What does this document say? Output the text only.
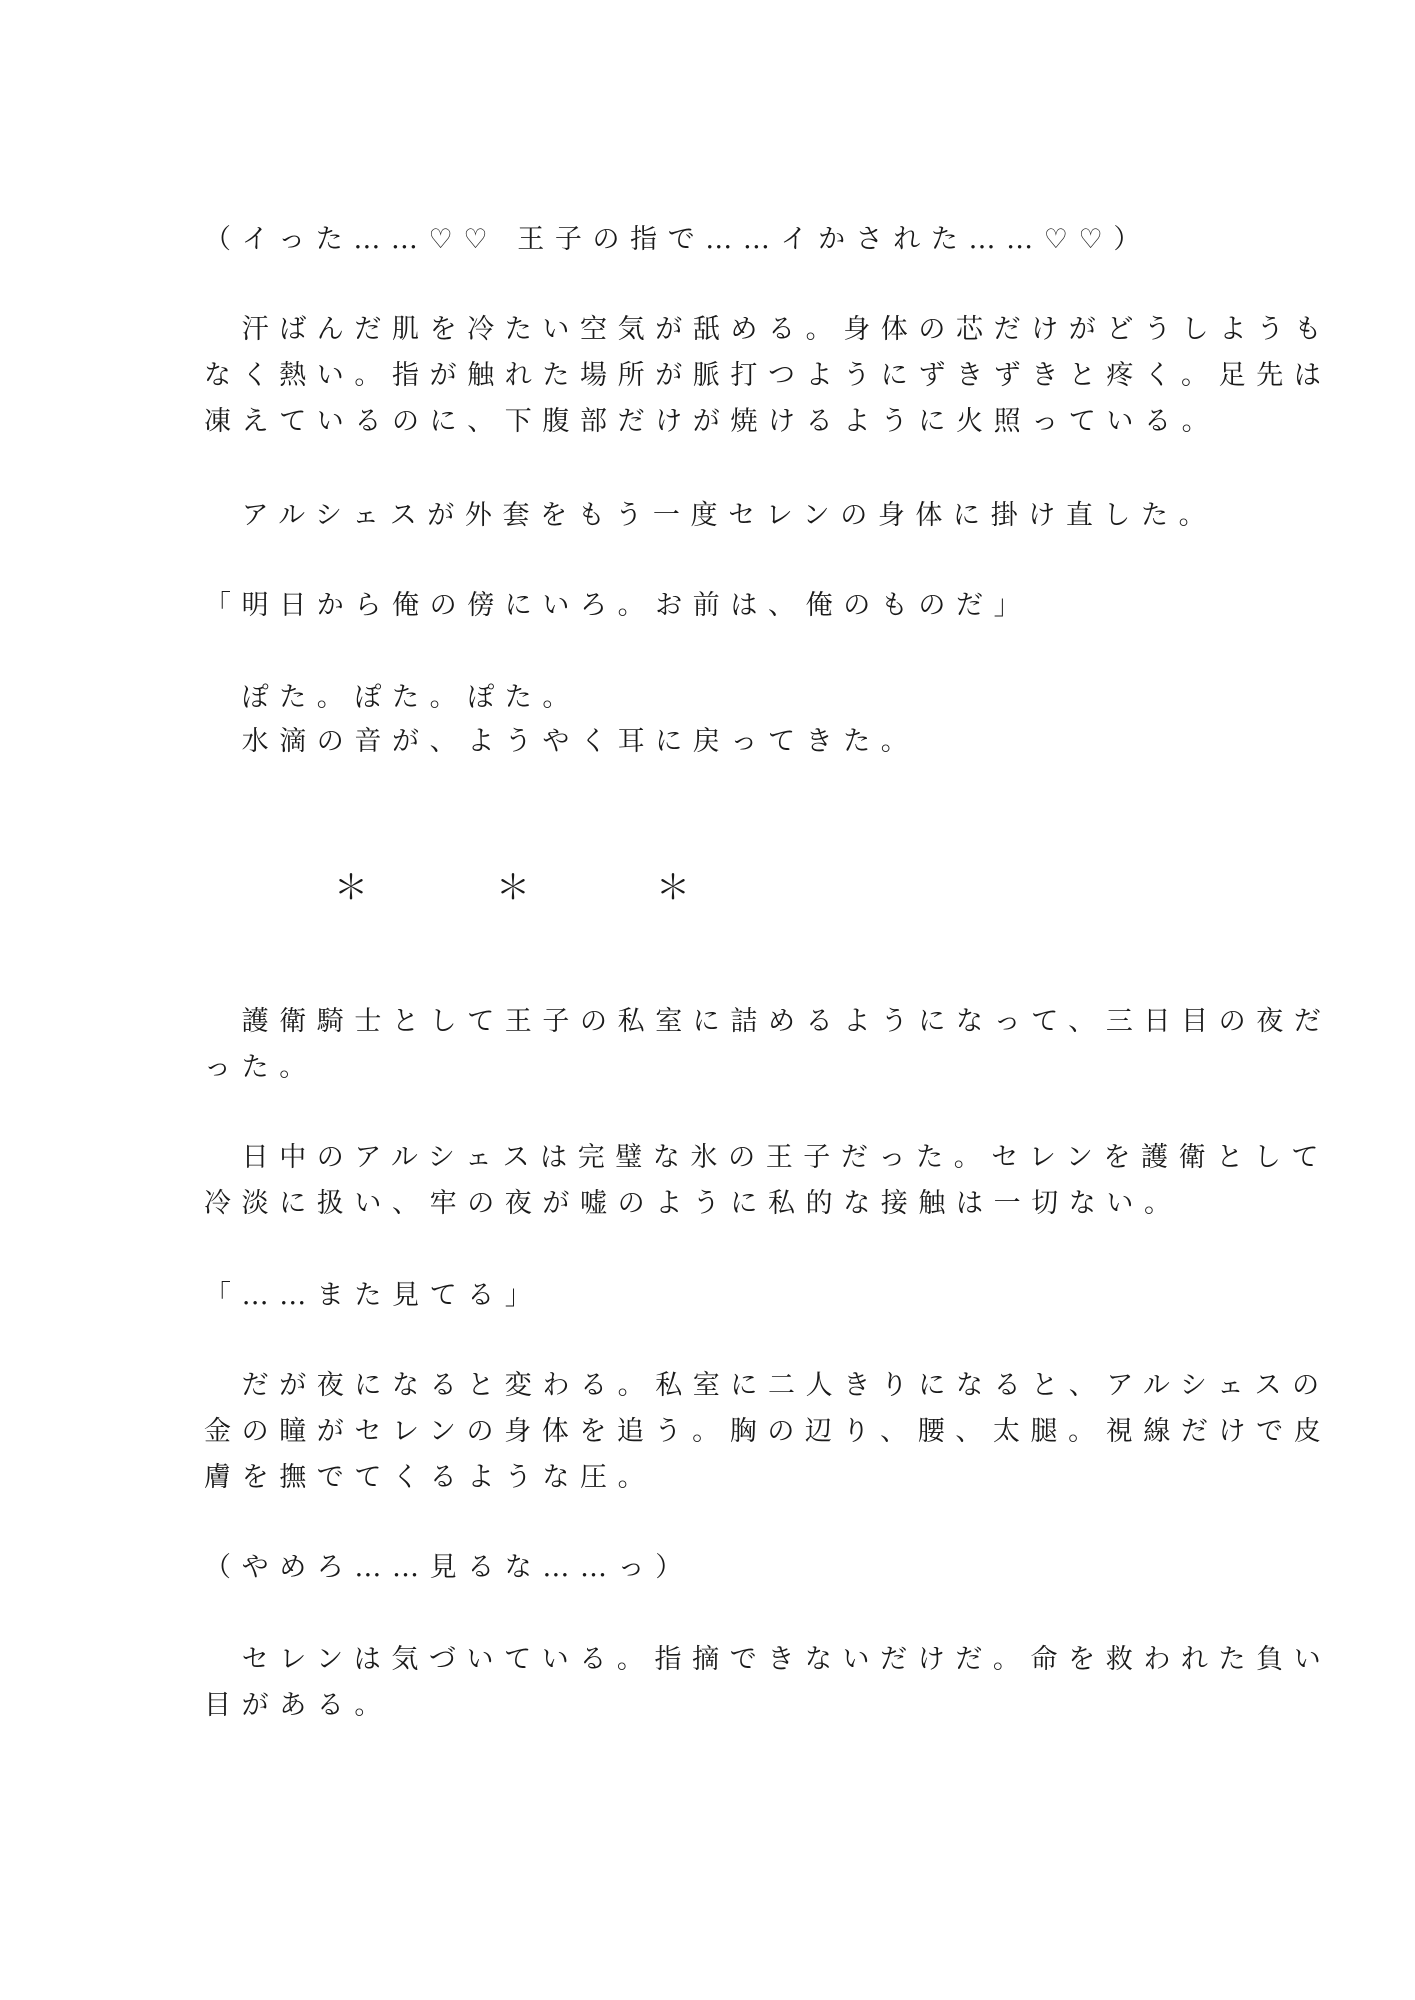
（イった……♡♡ 王子の指で……イかされた……♡♡）
　汗ばんだ肌を冷たい空気が舐める。身体の芯だけがどうしようも
なく熱い。指が触れた場所が脈打つようにずきずきと疼く。足先は
凍えているのに、下腹部だけが焼けるように火照っている。
　アルシェスが外套をもう一度セレンの身体に掛け直した。
「明日から俺の傍にいろ。お前は、俺のものだ」
　ぽた。ぽた。ぽた。
　水滴の音が、ようやく耳に戻ってきた。
＊	＊	＊
　護衛騎士として王子の私室に詰めるようになって、三日目の夜だ
った。
　日中のアルシェスは完璧な氷の王子だった。セレンを護衛として
冷淡に扱い、牢の夜が嘘のように私的な接触は一切ない。
「……また見てる」
　だが夜になると変わる。私室に二人きりになると、アルシェスの
金の瞳がセレンの身体を追う。胸の辺り、腰、太腿。視線だけで皮
膚を撫でてくるような圧。
（やめろ……見るな……っ）
　セレンは気づいている。指摘できないだけだ。命を救われた負い
目がある。
